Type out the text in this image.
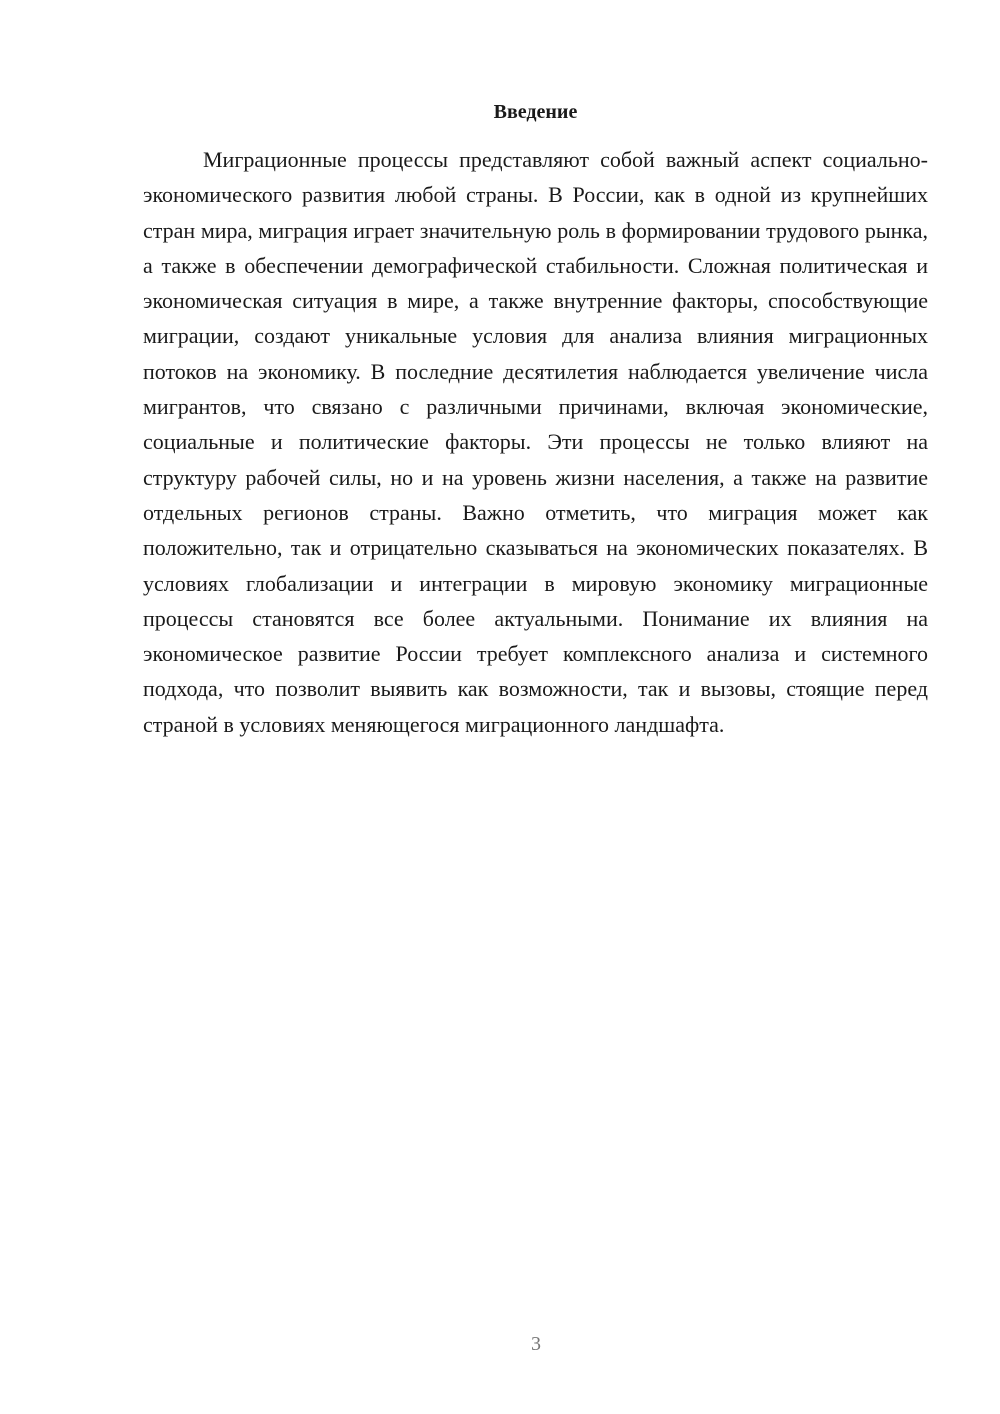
Введение

Миграционные процессы представляют собой важный аспект социально-экономического развития любой страны. В России, как в одной из крупнейших стран мира, миграция играет значительную роль в формировании трудового рынка, а также в обеспечении демографической стабильности. Сложная политическая и экономическая ситуация в мире, а также внутренние факторы, способствующие миграции, создают уникальные условия для анализа влияния миграционных потоков на экономику. В последние десятилетия наблюдается увеличение числа мигрантов, что связано с различными причинами, включая экономические, социальные и политические факторы. Эти процессы не только влияют на структуру рабочей силы, но и на уровень жизни населения, а также на развитие отдельных регионов страны. Важно отметить, что миграция может как положительно, так и отрицательно сказываться на экономических показателях. В условиях глобализации и интеграции в мировую экономику миграционные процессы становятся все более актуальными. Понимание их влияния на экономическое развитие России требует комплексного анализа и системного подхода, что позволит выявить как возможности, так и вызовы, стоящие перед страной в условиях меняющегося миграционного ландшафта.

3
